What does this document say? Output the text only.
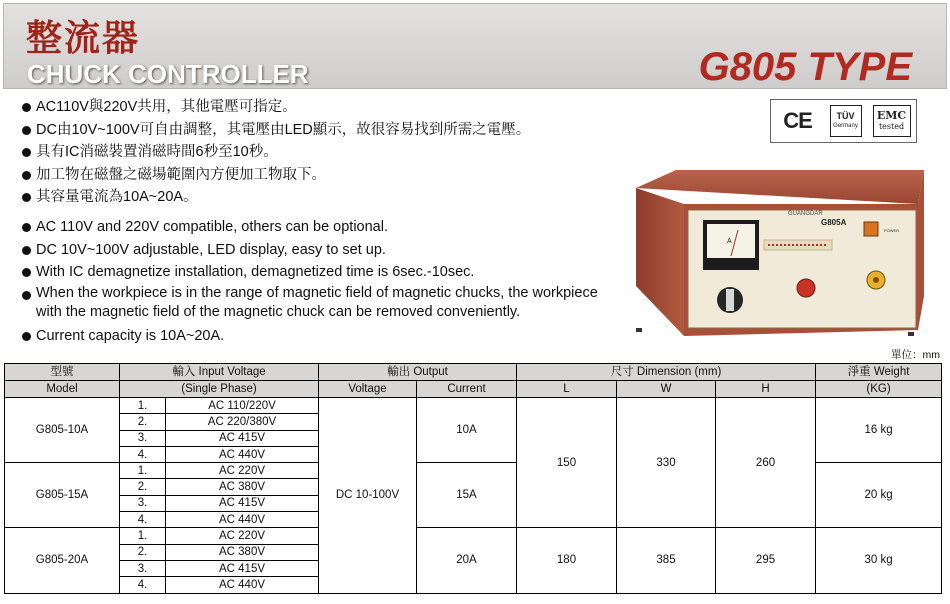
整流器
CHUCK CONTROLLER	G805 TYPE
AC110V與220V共用，其他電壓可指定。
DC由10V~100V可自由調整，其電壓由LED顯示，故很容易找到所需之電壓。
具有IC消磁裝置消磁時間6秒至10秒。
加工物在磁盤之磁場範圍內方便加工物取下。
其容量電流為10A~20A。
AC 110V and 220V compatible, others can be optional.
DC 10V~100V adjustable, LED display, easy to set up.
With IC demagnetize installation, demagnetized time is 6sec.-10sec.
When the workpiece is in the range of magnetic field of magnetic chucks, the workpiece with the magnetic field of the magnetic chuck can be removed conveniently.
Current capacity is 10A~20A.
CE	TÜV
Germany
EMC
tested
GUANGDAR
G805A
A
POWER
單位：mm
型號	輸入 Input Voltage		輸出 Output		尺寸 Dimension (mm)			淨重 Weight
Model	(Single Phase)		Voltage	Current	L	W	H	(KG)
G805-10A	1.	AC 110/220V	DC 10-100V	10A	150	330	260	16 kg
	2.	AC 220/380V						
	3.	AC 415V						
	4.	AC 440V						
G805-15A	1.	AC 220V		15A				20 kg
	2.	AC 380V						
	3.	AC 415V						
	4.	AC 440V						
G805-20A	1.	AC 220V		20A	180	385	295	30 kg
	2.	AC 380V						
	3.	AC 415V						
	4.	AC 440V						
